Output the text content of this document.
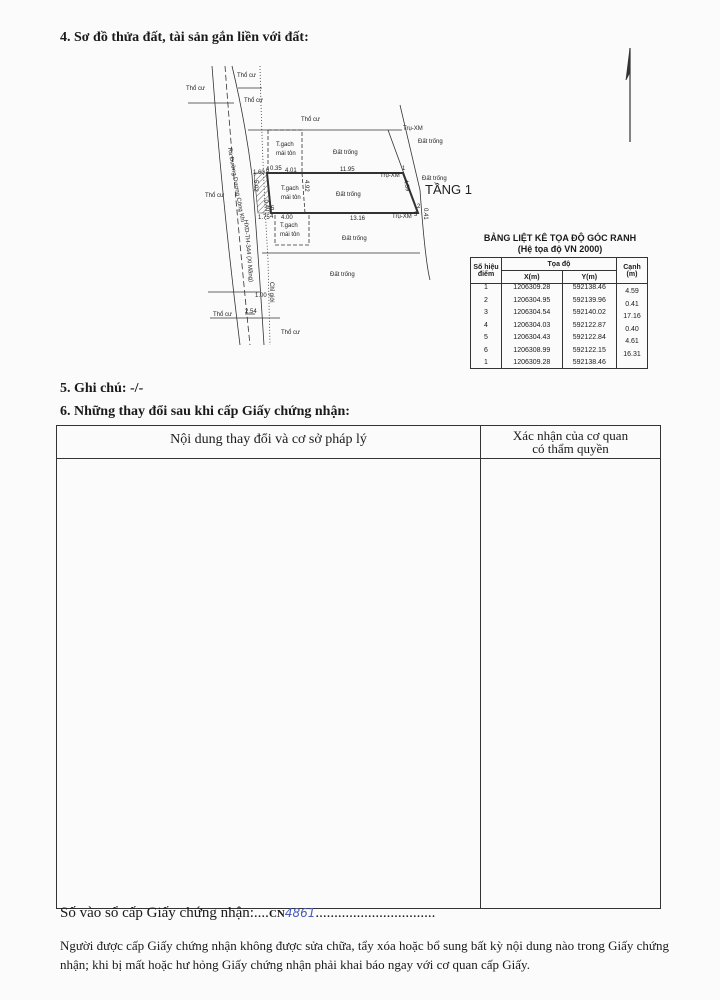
4. Sơ đồ thửa đất, tài sản gắn liền với đất:
Thổ cư
Thổ cư
Thổ cư
Thổ cư
Thổ cư
Thổ cư
Thổ cư
Trụ-XM
Trụ-XM
Trụ-XM
Đất trống
Đất trống
Đất trống
Đất trống
Đất trống
Đất trống
T.gach
mái tôn
T.gach
mái tôn
T.gach
mái tôn
Ra Đường Dương Công Khi
HXD-TH-344 (Xi Măng)
Chỉ giới
TẦNG 1
0.35 4.01	11.95
4.59
0.41
13.16
4.00
1.75
4.92
1.60
5.02
0.40
1.00
2.54
1
2
3
4
5
6
BẢNG LIỆT KÊ TỌA ĐỘ GÓC RANH
(Hệ tọa độ VN 2000)
Số hiệu điểm	Tọa độ		Cạnh (m)
	X(m)	Y(m)	
1	1206309.28	592138.46	4.59
2	1206304.95	592139.96	0.41
3	1206304.54	592140.02	17.16
4	1206304.03	592122.87	0.40
5	1206304.43	592122.84	4.61
6	1206308.99	592122.15	16.31
1	1206309.28	592138.46	
5. Ghi chú: -/-
6. Những thay đổi sau khi cấp Giấy chứng nhận:
Nội dung thay đổi và cơ sở pháp lý	Xác nhận của cơ quan
có thẩm quyền
Số vào sổ cấp Giấy chứng nhận:....CN4861................................
Người được cấp Giấy chứng nhận không được sửa chữa, tẩy xóa hoặc bổ sung bất kỳ nội dung nào trong Giấy chứng nhận; khi bị mất hoặc hư hỏng Giấy chứng nhận phải khai báo ngay với cơ quan cấp Giấy.
